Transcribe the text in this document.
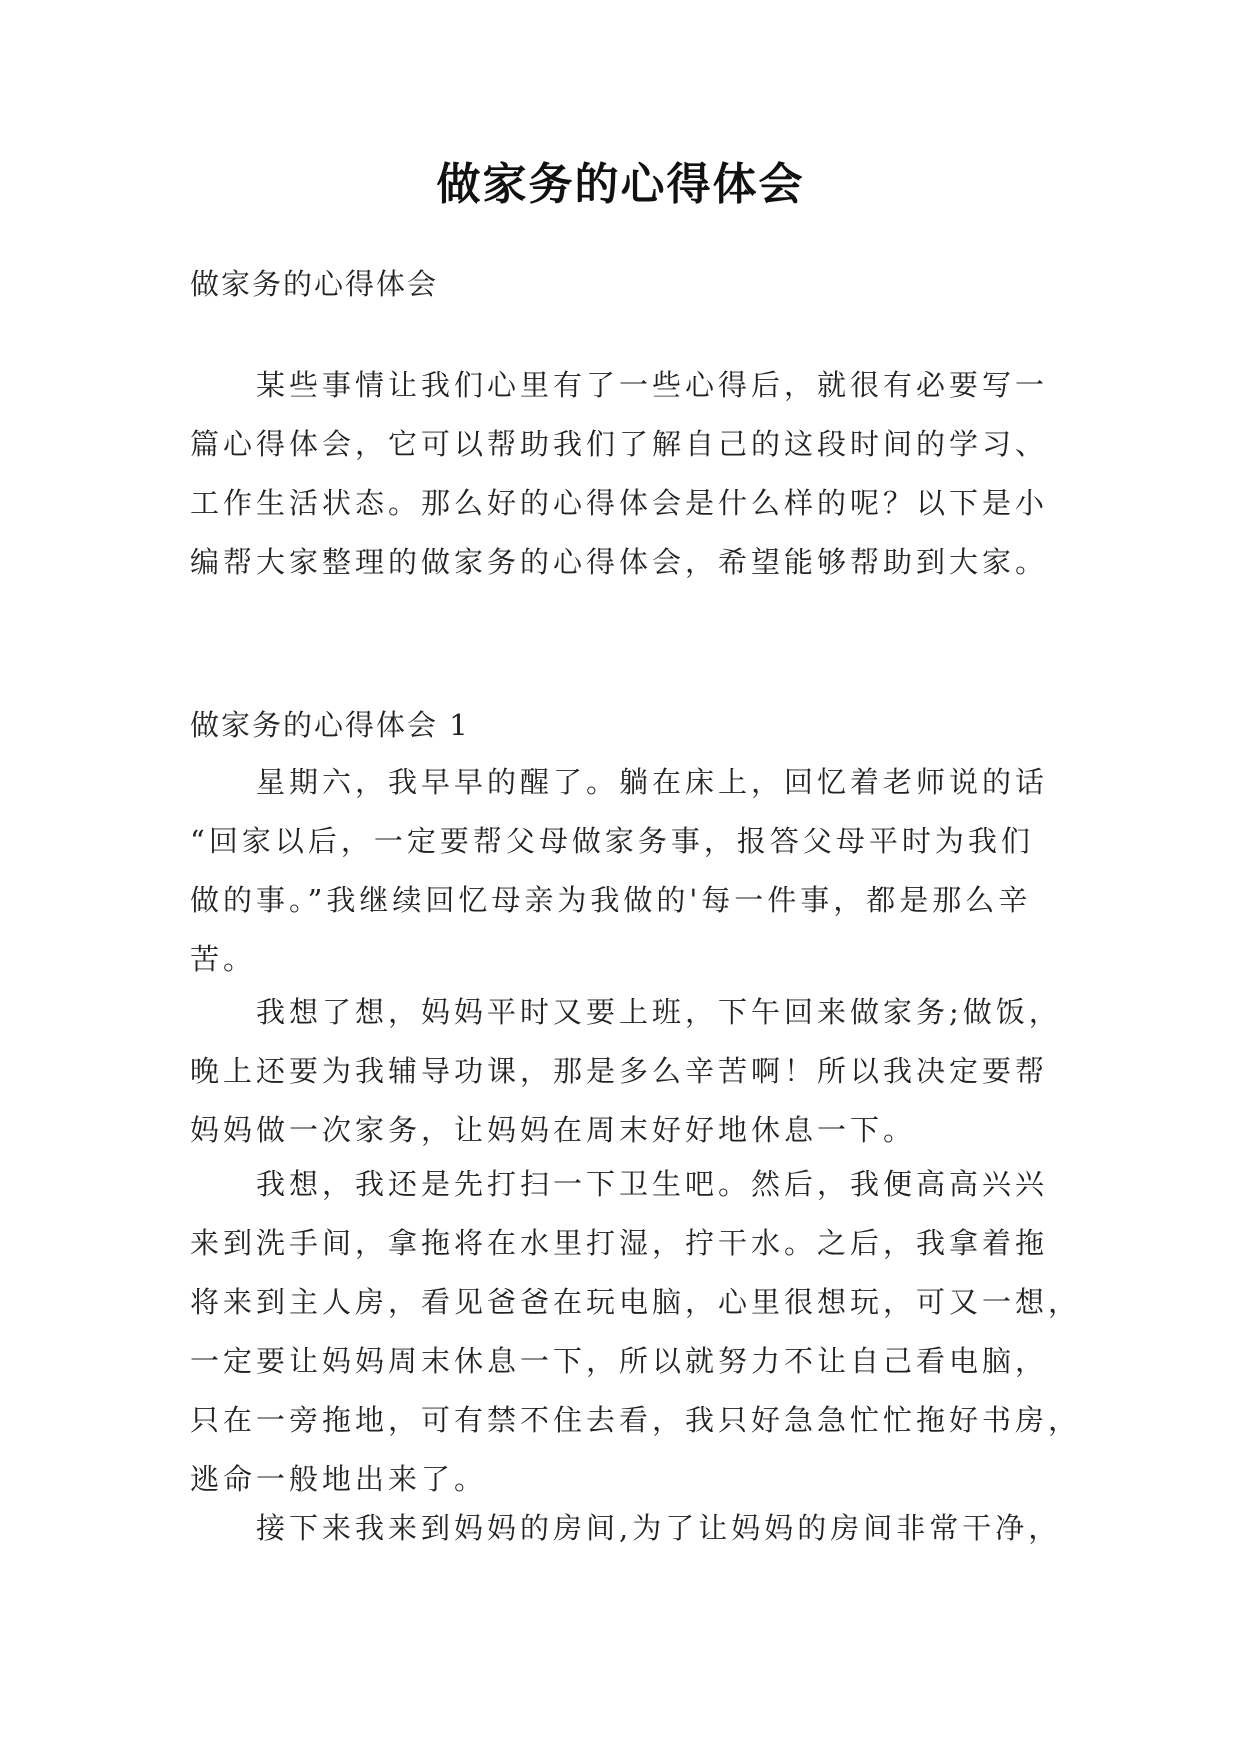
做家务的心得体会
做家务的心得体会
某些事情让我们心里有了一些心得后，就很有必要写一
篇心得体会，它可以帮助我们了解自己的这段时间的学习、
工作生活状态。那么好的心得体会是什么样的呢？以下是小
编帮大家整理的做家务的心得体会，希望能够帮助到大家。
做家务的心得体会 1
星期六，我早早的醒了。躺在床上，回忆着老师说的话
“回家以后，一定要帮父母做家务事，报答父母平时为我们
做的事。”我继续回忆母亲为我做的'每一件事，都是那么辛
苦。
我想了想，妈妈平时又要上班，下午回来做家务;做饭，
晚上还要为我辅导功课，那是多么辛苦啊！所以我决定要帮
妈妈做一次家务，让妈妈在周末好好地休息一下。
我想，我还是先打扫一下卫生吧。然后，我便高高兴兴
来到洗手间，拿拖将在水里打湿，拧干水。之后，我拿着拖
将来到主人房，看见爸爸在玩电脑，心里很想玩，可又一想，
一定要让妈妈周末休息一下，所以就努力不让自己看电脑，
只在一旁拖地，可有禁不住去看，我只好急急忙忙拖好书房，
逃命一般地出来了。
接下来我来到妈妈的房间,为了让妈妈的房间非常干净，
